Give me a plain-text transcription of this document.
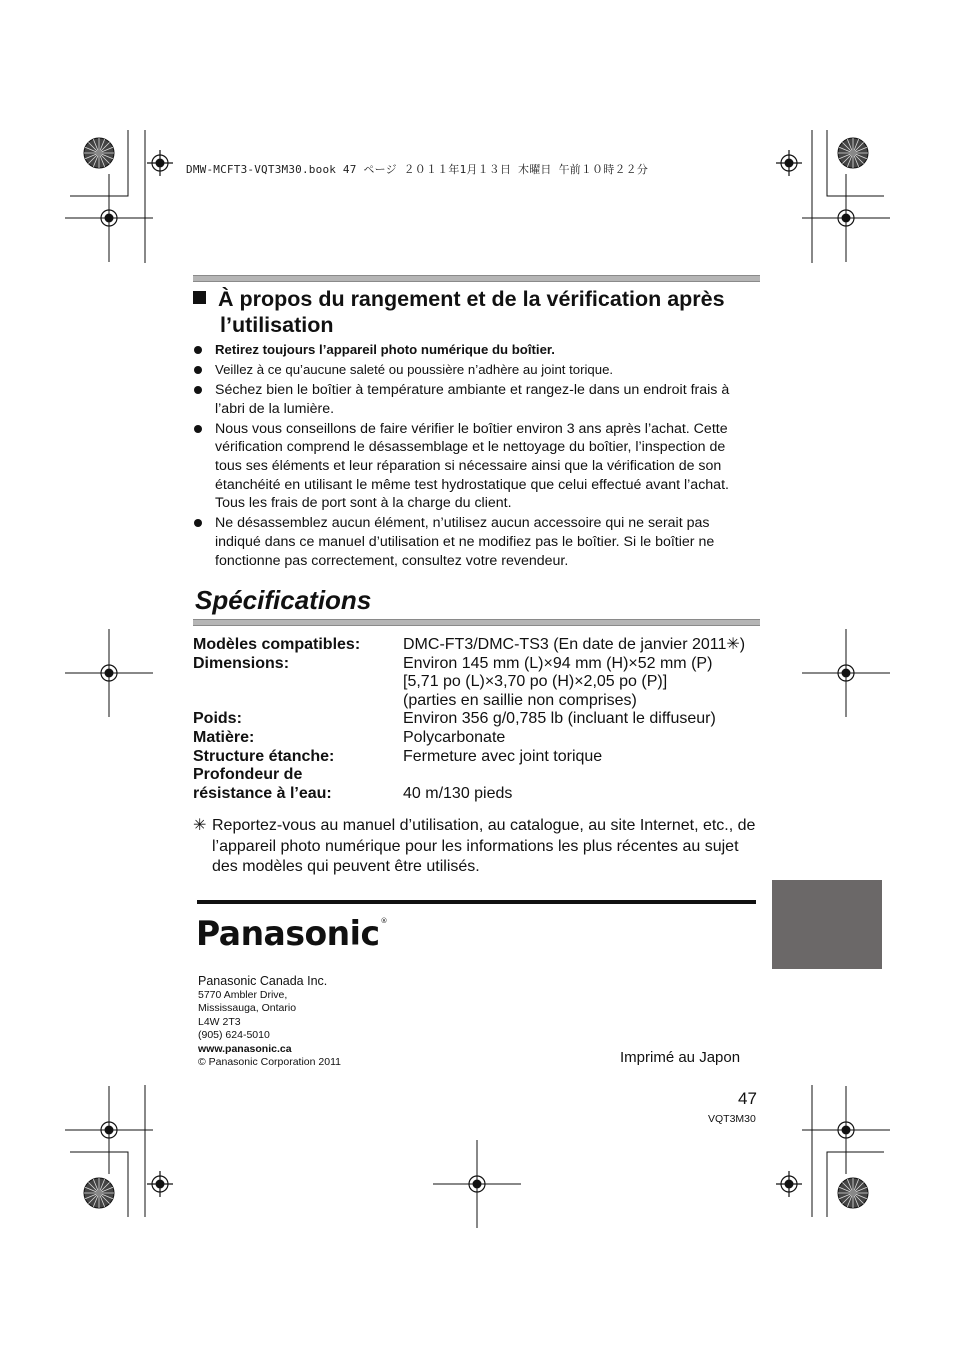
DMW-MCFT3-VQT3M30.book 47 ページ ２０１１年1月１３日 木曜日 午前１０時２２分
À propos du rangement et de la vérification après
l’utilisation
Retirez toujours l’appareil photo numérique du boîtier.
Veillez à ce qu’aucune saleté ou poussière n’adhère au joint torique.
Séchez bien le boîtier à température ambiante et rangez-le dans un endroit frais à l’abri de la lumière.
Nous vous conseillons de faire vérifier le boîtier environ 3 ans après l’achat. Cette vérification comprend le désassemblage et le nettoyage du boîtier, l’inspection de tous ses éléments et leur réparation si nécessaire ainsi que la vérification de son étanchéité en utilisant le même test hydrostatique que celui effectué avant l’achat. Tous les frais de port sont à la charge du client.
Ne désassemblez aucun élément, n’utilisez aucun accessoire qui ne serait pas indiqué dans ce manuel d’utilisation et ne modifiez pas le boîtier. Si le boîtier ne fonctionne pas correctement, consultez votre revendeur.
Spécifications
Modèles compatibles:	DMC-FT3/DMC-TS3 (En date de janvier 2011✳)
Dimensions:	Environ 145 mm (L)×94 mm (H)×52 mm (P)
	[5,71 po (L)×3,70 po (H)×2,05 po (P)]
	(parties en saillie non comprises)
Poids:	Environ 356 g/0,785 lb (incluant le diffuseur)
Matière:	Polycarbonate
Structure étanche:	Fermeture avec joint torique
Profondeur de	
résistance à l’eau:	40 m/130 pieds
✳ Reportez-vous au manuel d’utilisation, au catalogue, au site Internet, etc., de l’appareil photo numérique pour les informations les plus récentes au sujet des modèles qui peuvent être utilisés.
Panasonic®
Panasonic Canada Inc.
5770 Ambler Drive,
Mississauga, Ontario
L4W 2T3
(905) 624-5010
www.panasonic.ca
© Panasonic Corporation 2011	Imprimé au Japon
47
VQT3M30
